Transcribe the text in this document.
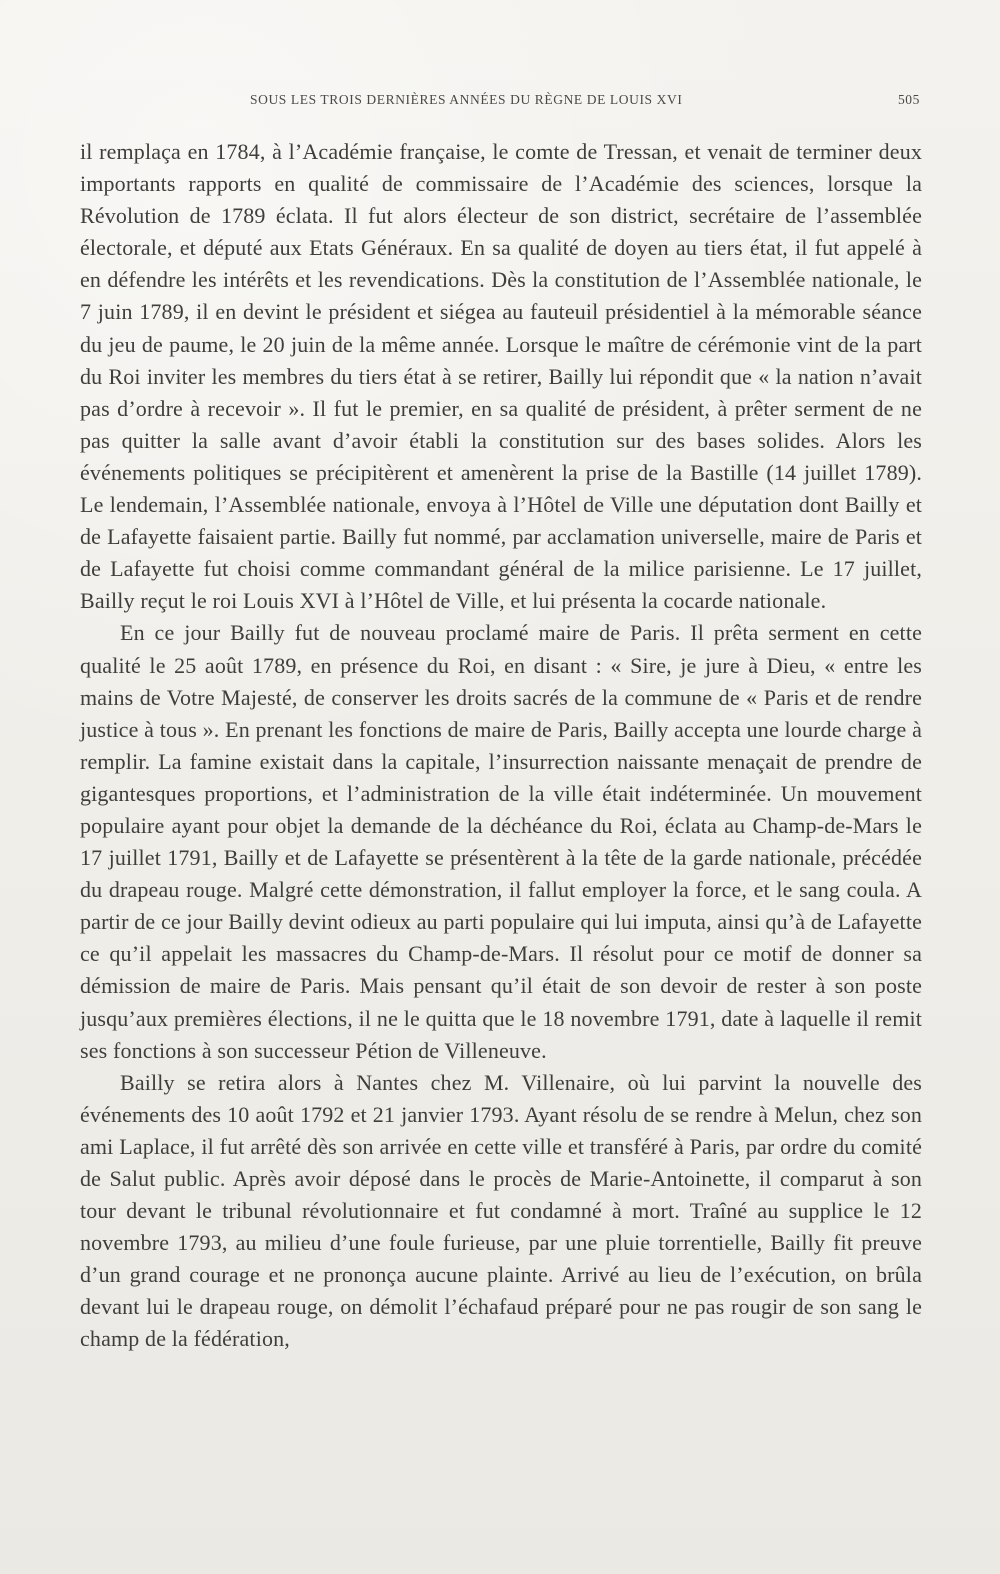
SOUS LES TROIS DERNIÈRES ANNÉES DU RÈGNE DE LOUIS XVI	505

il remplaça en 1784, à l’Académie française, le comte de Tressan, et venait de terminer deux importants rapports en qualité de commissaire de l’Académie des sciences, lorsque la Révolution de 1789 éclata. Il fut alors électeur de son district, secrétaire de l’assemblée électorale, et député aux Etats Généraux. En sa qualité de doyen au tiers état, il fut appelé à en défendre les intérêts et les revendications. Dès la constitution de l’Assemblée nationale, le 7 juin 1789, il en devint le président et siégea au fauteuil présidentiel à la mémorable séance du jeu de paume, le 20 juin de la même année. Lorsque le maître de cérémonie vint de la part du Roi inviter les membres du tiers état à se retirer, Bailly lui répondit que « la nation n’avait pas d’ordre à recevoir ». Il fut le premier, en sa qualité de président, à prêter serment de ne pas quitter la salle avant d’avoir établi la constitution sur des bases solides. Alors les événements politiques se précipitèrent et amenèrent la prise de la Bastille (14 juillet 1789). Le lendemain, l’Assemblée nationale, envoya à l’Hôtel de Ville une députation dont Bailly et de Lafayette faisaient partie. Bailly fut nommé, par acclamation universelle, maire de Paris et de Lafayette fut choisi comme commandant général de la milice parisienne. Le 17 juillet, Bailly reçut le roi Louis XVI à l’Hôtel de Ville, et lui présenta la cocarde nationale.

En ce jour Bailly fut de nouveau proclamé maire de Paris. Il prêta serment en cette qualité le 25 août 1789, en présence du Roi, en disant : « Sire, je jure à Dieu, « entre les mains de Votre Majesté, de conserver les droits sacrés de la commune de « Paris et de rendre justice à tous ». En prenant les fonctions de maire de Paris, Bailly accepta une lourde charge à remplir. La famine existait dans la capitale, l’insurrection naissante menaçait de prendre de gigantesques proportions, et l’administration de la ville était indéterminée. Un mouvement populaire ayant pour objet la demande de la déchéance du Roi, éclata au Champ-de-Mars le 17 juillet 1791, Bailly et de Lafayette se présentèrent à la tête de la garde nationale, précédée du drapeau rouge. Malgré cette démonstration, il fallut employer la force, et le sang coula. A partir de ce jour Bailly devint odieux au parti populaire qui lui imputa, ainsi qu’à de Lafayette ce qu’il appelait les massacres du Champ-de-Mars. Il résolut pour ce motif de donner sa démission de maire de Paris. Mais pensant qu’il était de son devoir de rester à son poste jusqu’aux premières élections, il ne le quitta que le 18 novembre 1791, date à laquelle il remit ses fonctions à son successeur Pétion de Villeneuve.

Bailly se retira alors à Nantes chez M. Villenaire, où lui parvint la nouvelle des événements des 10 août 1792 et 21 janvier 1793. Ayant résolu de se rendre à Melun, chez son ami Laplace, il fut arrêté dès son arrivée en cette ville et transféré à Paris, par ordre du comité de Salut public. Après avoir déposé dans le procès de Marie-Antoinette, il comparut à son tour devant le tribunal révolutionnaire et fut condamné à mort. Traîné au supplice le 12 novembre 1793, au milieu d’une foule furieuse, par une pluie torrentielle, Bailly fit preuve d’un grand courage et ne prononça aucune plainte. Arrivé au lieu de l’exécution, on brûla devant lui le drapeau rouge, on démolit l’échafaud préparé pour ne pas rougir de son sang le champ de la fédération,
